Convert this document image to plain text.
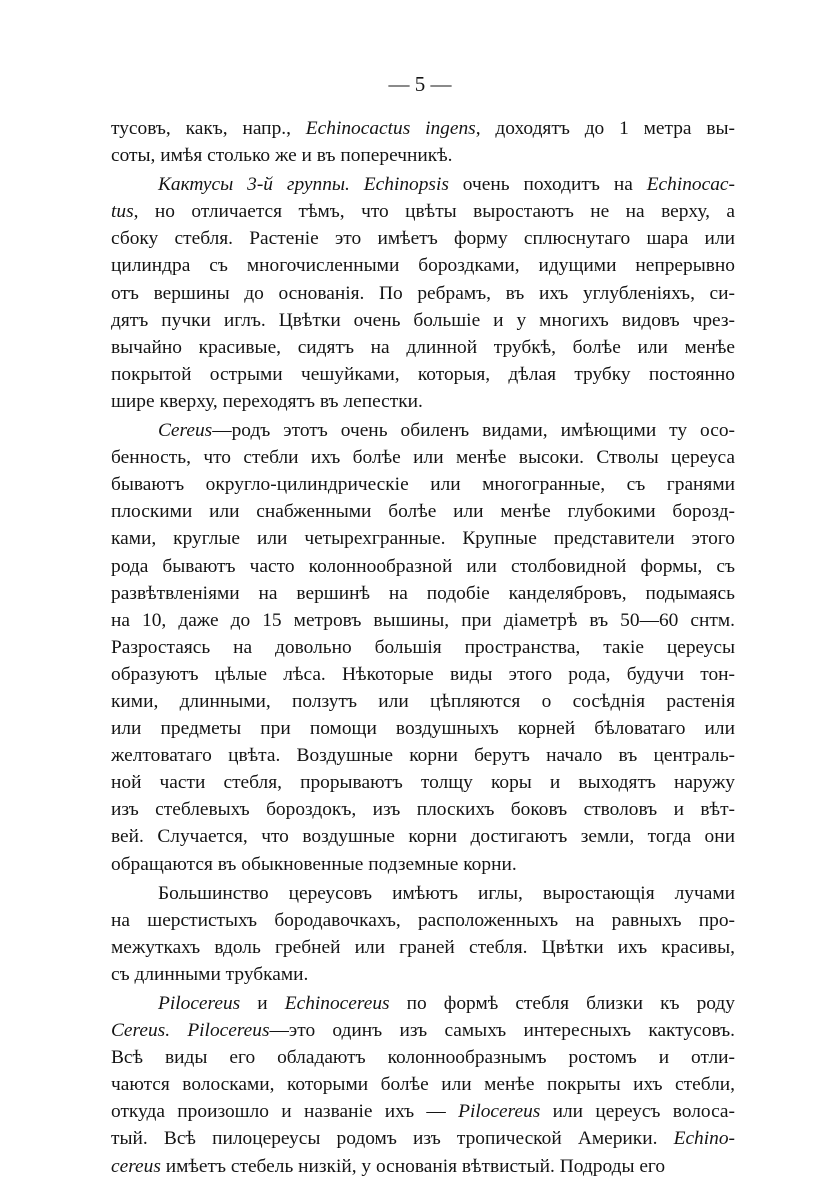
— 5 —
тусовъ, какъ, напр., Echinocactus ingens, доходятъ до 1 метра вы-
соты, имѣя столько же и въ поперечникѣ.
Кактусы 3-й группы. Echinopsis очень походитъ на Echinocac-
tus, но отличается тѣмъ, что цвѣты выростаютъ не на верху, а
сбоку стебля. Растеніе это имѣетъ форму сплюснутаго шара или
цилиндра съ многочисленными бороздками, идущими непрерывно
отъ вершины до основанія. По ребрамъ, въ ихъ углубленіяхъ, си-
дятъ пучки иглъ. Цвѣтки очень большіе и у многихъ видовъ чрез-
вычайно красивые, сидятъ на длинной трубкѣ, болѣе или менѣе
покрытой острыми чешуйками, которыя, дѣлая трубку постоянно
шире кверху, переходятъ въ лепестки.
Cereus—родъ этотъ очень обиленъ видами, имѣющими ту осо-
бенность, что стебли ихъ болѣе или менѣе высоки. Стволы цереуса
бываютъ округло-цилиндрическіе или многогранные, съ гранями
плоскими или снабженными болѣе или менѣе глубокими борозд-
ками, круглые или четырехгранные. Крупные представители этого
рода бываютъ часто колоннообразной или столбовидной формы, съ
развѣтвленіями на вершинѣ на подобіе канделябровъ, подымаясь
на 10, даже до 15 метровъ вышины, при діаметрѣ въ 50—60 снтм.
Разростаясь на довольно большія пространства, такіе цереусы
образуютъ цѣлые лѣса. Нѣкоторые виды этого рода, будучи тон-
кими, длинными, ползутъ или цѣпляются о сосѣднія растенія
или предметы при помощи воздушныхъ корней бѣловатаго или
желтоватаго цвѣта. Воздушные корни берутъ начало въ централь-
ной части стебля, прорываютъ толщу коры и выходятъ наружу
изъ стеблевыхъ бороздокъ, изъ плоскихъ боковъ стволовъ и вѣт-
вей. Случается, что воздушные корни достигаютъ земли, тогда они
обращаются въ обыкновенные подземные корни.
Большинство цереусовъ имѣютъ иглы, выростающія лучами
на шерстистыхъ бородавочкахъ, расположенныхъ на равныхъ про-
межуткахъ вдоль гребней или граней стебля. Цвѣтки ихъ красивы,
съ длинными трубками.
Pilocereus и Echinocereus по формѣ стебля близки къ роду
Cereus. Pilocereus—это одинъ изъ самыхъ интересныхъ кактусовъ.
Всѣ виды его обладаютъ колоннообразнымъ ростомъ и отли-
чаются волосками, которыми болѣе или менѣе покрыты ихъ стебли,
откуда произошло и названіе ихъ — Pilocereus или цереусъ волоса-
тый. Всѣ пилоцереусы родомъ изъ тропической Америки. Echino-
cereus имѣетъ стебель низкій, у основанія вѣтвистый. Подроды его
